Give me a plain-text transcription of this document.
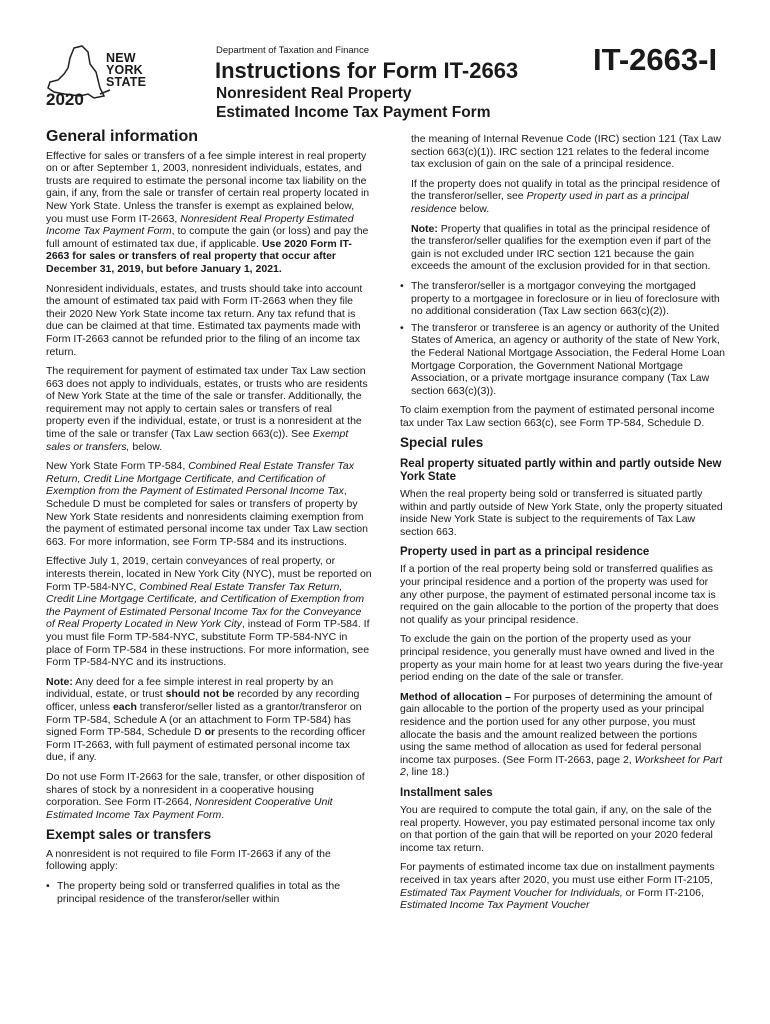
NEW
YORK
STATE
2020
Department of Taxation and Finance
Instructions for Form IT-2663
Nonresident Real Property
Estimated Income Tax Payment Form
IT-2663-I
General information

Effective for sales or transfers of a fee simple interest in real property on or after September 1, 2003, nonresident individuals, estates, and trusts are required to estimate the personal income tax liability on the gain, if any, from the sale or transfer of certain real property located in New York State. Unless the transfer is exempt as explained below, you must use Form IT-2663, Nonresident Real Property Estimated Income Tax Payment Form, to compute the gain (or loss) and pay the full amount of estimated tax due, if applicable. Use 2020 Form IT-2663 for sales or transfers of real property that occur after December 31, 2019, but before January 1, 2021.

Nonresident individuals, estates, and trusts should take into account the amount of estimated tax paid with Form IT-2663 when they file their 2020 New York State income tax return. Any tax refund that is due can be claimed at that time. Estimated tax payments made with Form IT-2663 cannot be refunded prior to the filing of an income tax return.

The requirement for payment of estimated tax under Tax Law section 663 does not apply to individuals, estates, or trusts who are residents of New York State at the time of the sale or transfer. Additionally, the requirement may not apply to certain sales or transfers of real property even if the individual, estate, or trust is a nonresident at the time of the sale or transfer (Tax Law section 663(c)). See Exempt sales or transfers, below.

New York State Form TP-584, Combined Real Estate Transfer Tax Return, Credit Line Mortgage Certificate, and Certification of Exemption from the Payment of Estimated Personal Income Tax, Schedule D must be completed for sales or transfers of property by New York State residents and nonresidents claiming exemption from the payment of estimated personal income tax under Tax Law section 663. For more information, see Form TP-584 and its instructions.

Effective July 1, 2019, certain conveyances of real property, or interests therein, located in New York City (NYC), must be reported on Form TP-584-NYC, Combined Real Estate Transfer Tax Return, Credit Line Mortgage Certificate, and Certification of Exemption from the Payment of Estimated Personal Income Tax for the Conveyance of Real Property Located in New York City, instead of Form TP-584. If you must file Form TP-584-NYC, substitute Form TP-584-NYC in place of Form TP-584 in these instructions. For more information, see Form TP-584-NYC and its instructions.

Note: Any deed for a fee simple interest in real property by an individual, estate, or trust should not be recorded by any recording officer, unless each transferor/seller listed as a grantor/transferor on Form TP-584, Schedule A (or an attachment to Form TP-584) has signed Form TP-584, Schedule D or presents to the recording officer Form IT-2663, with full payment of estimated personal income tax due, if any.

Do not use Form IT-2663 for the sale, transfer, or other disposition of shares of stock by a nonresident in a cooperative housing corporation. See Form IT-2664, Nonresident Cooperative Unit Estimated Income Tax Payment Form.

Exempt sales or transfers

A nonresident is not required to file Form IT-2663 if any of the following apply:

• The property being sold or transferred qualifies in total as the principal residence of the transferor/seller within

the meaning of Internal Revenue Code (IRC) section 121 (Tax Law section 663(c)(1)). IRC section 121 relates to the federal income tax exclusion of gain on the sale of a principal residence.

If the property does not qualify in total as the principal residence of the transferor/seller, see Property used in part as a principal residence below.

Note: Property that qualifies in total as the principal residence of the transferor/seller qualifies for the exemption even if part of the gain is not excluded under IRC section 121 because the gain exceeds the amount of the exclusion provided for in that section.

• The transferor/seller is a mortgagor conveying the mortgaged property to a mortgagee in foreclosure or in lieu of foreclosure with no additional consideration (Tax Law section 663(c)(2)).
• The transferor or transferee is an agency or authority of the United States of America, an agency or authority of the state of New York, the Federal National Mortgage Association, the Federal Home Loan Mortgage Corporation, the Government National Mortgage Association, or a private mortgage insurance company (Tax Law section 663(c)(3)).

To claim exemption from the payment of estimated personal income tax under Tax Law section 663(c), see Form TP-584, Schedule D.

Special rules
Real property situated partly within and partly outside New York State

When the real property being sold or transferred is situated partly within and partly outside of New York State, only the property situated inside New York State is subject to the requirements of Tax Law section 663.

Property used in part as a principal residence

If a portion of the real property being sold or transferred qualifies as your principal residence and a portion of the property was used for any other purpose, the payment of estimated personal income tax is required on the gain allocable to the portion of the property that does not qualify as your principal residence.

To exclude the gain on the portion of the property used as your principal residence, you generally must have owned and lived in the property as your main home for at least two years during the five-year period ending on the date of the sale or transfer.

Method of allocation – For purposes of determining the amount of gain allocable to the portion of the property used as your principal residence and the portion used for any other purpose, you must allocate the basis and the amount realized between the portions using the same method of allocation as used for federal personal income tax purposes. (See Form IT-2663, page 2, Worksheet for Part 2, line 18.)

Installment sales

You are required to compute the total gain, if any, on the sale of the real property. However, you pay estimated personal income tax only on that portion of the gain that will be reported on your 2020 federal income tax return.

For payments of estimated income tax due on installment payments received in tax years after 2020, you must use either Form IT-2105, Estimated Tax Payment Voucher for Individuals, or Form IT-2106, Estimated Income Tax Payment Voucher
